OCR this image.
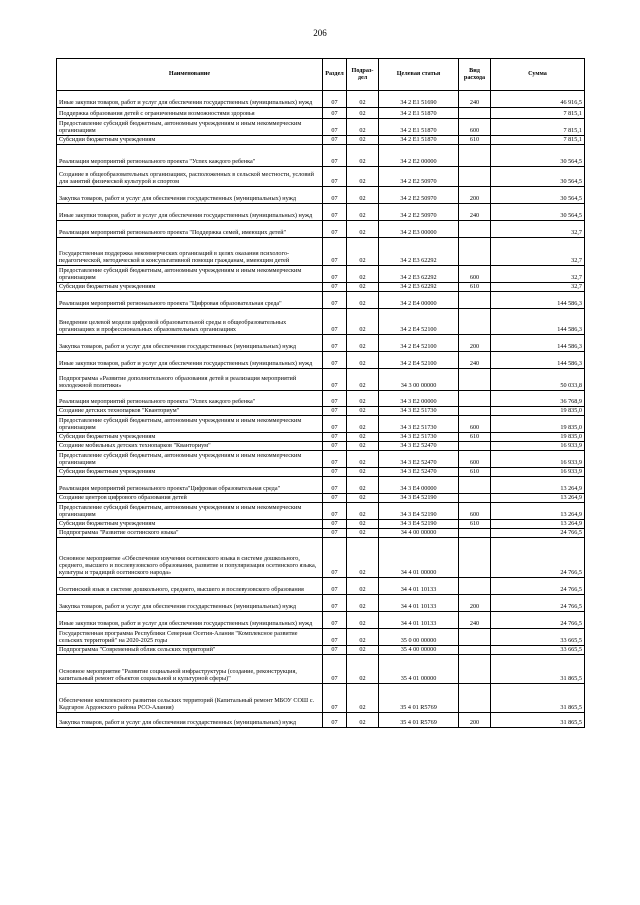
206
Наименование	Раздел	Подраз-дел	Целевая статья	Вид расхода	Сумма
Иные закупки товаров, работ и услуг для обеспечения государственных (муниципальных) нужд	07	02	34 2 Е1 51690	240	46 916,5
Поддержка образования детей с ограниченными возможностями здоровья	07	02	34 2 Е1 51870		7 815,1
Предоставление субсидий бюджетным, автономным учреждениям и иным некоммерческим организациям	07	02	34 2 Е1 51870	600	7 815,1
Субсидии бюджетным учреждениям	07	02	34 2 Е1 51870	610	7 815,1
Реализация мероприятий регионального проекта "Успех каждого ребенка"	07	02	34 2 Е2 00000		30 564,5
Создание в общеобразовательных организациях, расположенных в сельской местности, условий для занятий физической культурой и спортом	07	02	34 2 Е2 50970		30 564,5
Закупка товаров, работ и услуг для обеспечения государственных (муниципальных) нужд	07	02	34 2 Е2 50970	200	30 564,5
Иные закупки товаров, работ и услуг для обеспечения государственных (муниципальных) нужд	07	02	34 2 Е2 50970	240	30 564,5
Реализация мероприятий регионального проекта "Поддержка семей, имеющих детей"	07	02	34 2 Е3 00000		32,7
Государственная поддержка некоммерческих организаций в целях оказания психолого-педагогической, методической и консультативной помощи гражданам, имеющим детей	07	02	34 2 Е3 62292		32,7
Предоставление субсидий бюджетным, автономным учреждениям и иным некоммерческим организациям	07	02	34 2 Е3 62292	600	32,7
Субсидии бюджетным учреждениям	07	02	34 2 Е3 62292	610	32,7
Реализация мероприятий регионального проекта "Цифровая образовательная среда"	07	02	34 2 Е4 00000		144 586,3
Внедрение целевой модели цифровой образовательной среды в общеобразовательных организациях и профессиональных образовательных организациях	07	02	34 2 Е4 52100		144 586,3
Закупка товаров, работ и услуг для обеспечения государственных (муниципальных) нужд	07	02	34 2 Е4 52100	200	144 586,3
Иные закупки товаров, работ и услуг для обеспечения государственных (муниципальных) нужд	07	02	34 2 Е4 52100	240	144 586,3
Подпрограмма «Развитие дополнительного образования детей и реализация мероприятий молодежной политики»	07	02	34 3 00 00000		50 033,8
Реализация мероприятий регионального проекта "Успех каждого ребенка"	07	02	34 3 Е2 00000		36 768,9
Создание детских технопарков "Кванториум"	07	02	34 3 Е2 51730		19 835,0
Предоставление субсидий бюджетным, автономным учреждениям и иным некоммерческим организациям	07	02	34 3 Е2 51730	600	19 835,0
Субсидии бюджетным учреждениям	07	02	34 3 Е2 51730	610	19 835,0
Создание мобильных детских технопарков "Кванториум"	07	02	34 3 Е2 52470		16 933,9
Предоставление субсидий бюджетным, автономным учреждениям и иным некоммерческим организациям	07	02	34 3 Е2 52470	600	16 933,9
Субсидии бюджетным учреждениям	07	02	34 3 Е2 52470	610	16 933,9
Реализация мероприятий регионального проекта"Цифровая образовательная среда"	07	02	34 3 Е4 00000		13 264,9
Создание центров цифрового образования детей	07	02	34 3 Е4 52190		13 264,9
Предоставление субсидий бюджетным, автономным учреждениям и иным некоммерческим организациям	07	02	34 3 Е4 52190	600	13 264,9
Субсидии бюджетным учреждениям	07	02	34 3 Е4 52190	610	13 264,9
Подпрограмма "Развитие осетинского языка"	07	02	34 4 00 00000		24 766,5
Основное мероприятие «Обеспечение изучения осетинского языка в системе дошкольного, среднего, высшего и послевузовского образования, развитие и популяризация осетинского языка, культуры и традиций осетинского народа»	07	02	34 4 01 00000		24 766,5
Осетинский язык в системе дошкольного, среднего, высшего и послевузовского образования	07	02	34 4 01 10133		24 766,5
Закупка товаров, работ и услуг для обеспечения государственных (муниципальных) нужд	07	02	34 4 01 10133	200	24 766,5
Иные закупки товаров, работ и услуг для обеспечения государственных (муниципальных) нужд	07	02	34 4 01 10133	240	24 766,5
Государственная программа Республики Северная Осетия-Алания "Комплексное развитие сельских территорий" на 2020-2025 годы	07	02	35 0 00 00000		33 665,5
Подпрограмма "Современный облик сельских территорий"	07	02	35 4 00 00000		33 665,5
Основное мероприятие "Развитие социальной инфраструктуры (создание, реконструкция, капитальный ремонт объектов социальной и культурной сферы)"	07	02	35 4 01 00000		31 865,5
Обеспечение комплексного развития сельских территорий (Капитальный ремонт МБОУ СОШ с. Кадгарон Ардонского района РСО-Алания)	07	02	35 4 01 R5769		31 865,5
Закупка товаров, работ и услуг для обеспечения государственных (муниципальных) нужд	07	02	35 4 01 R5769	200	31 865,5
